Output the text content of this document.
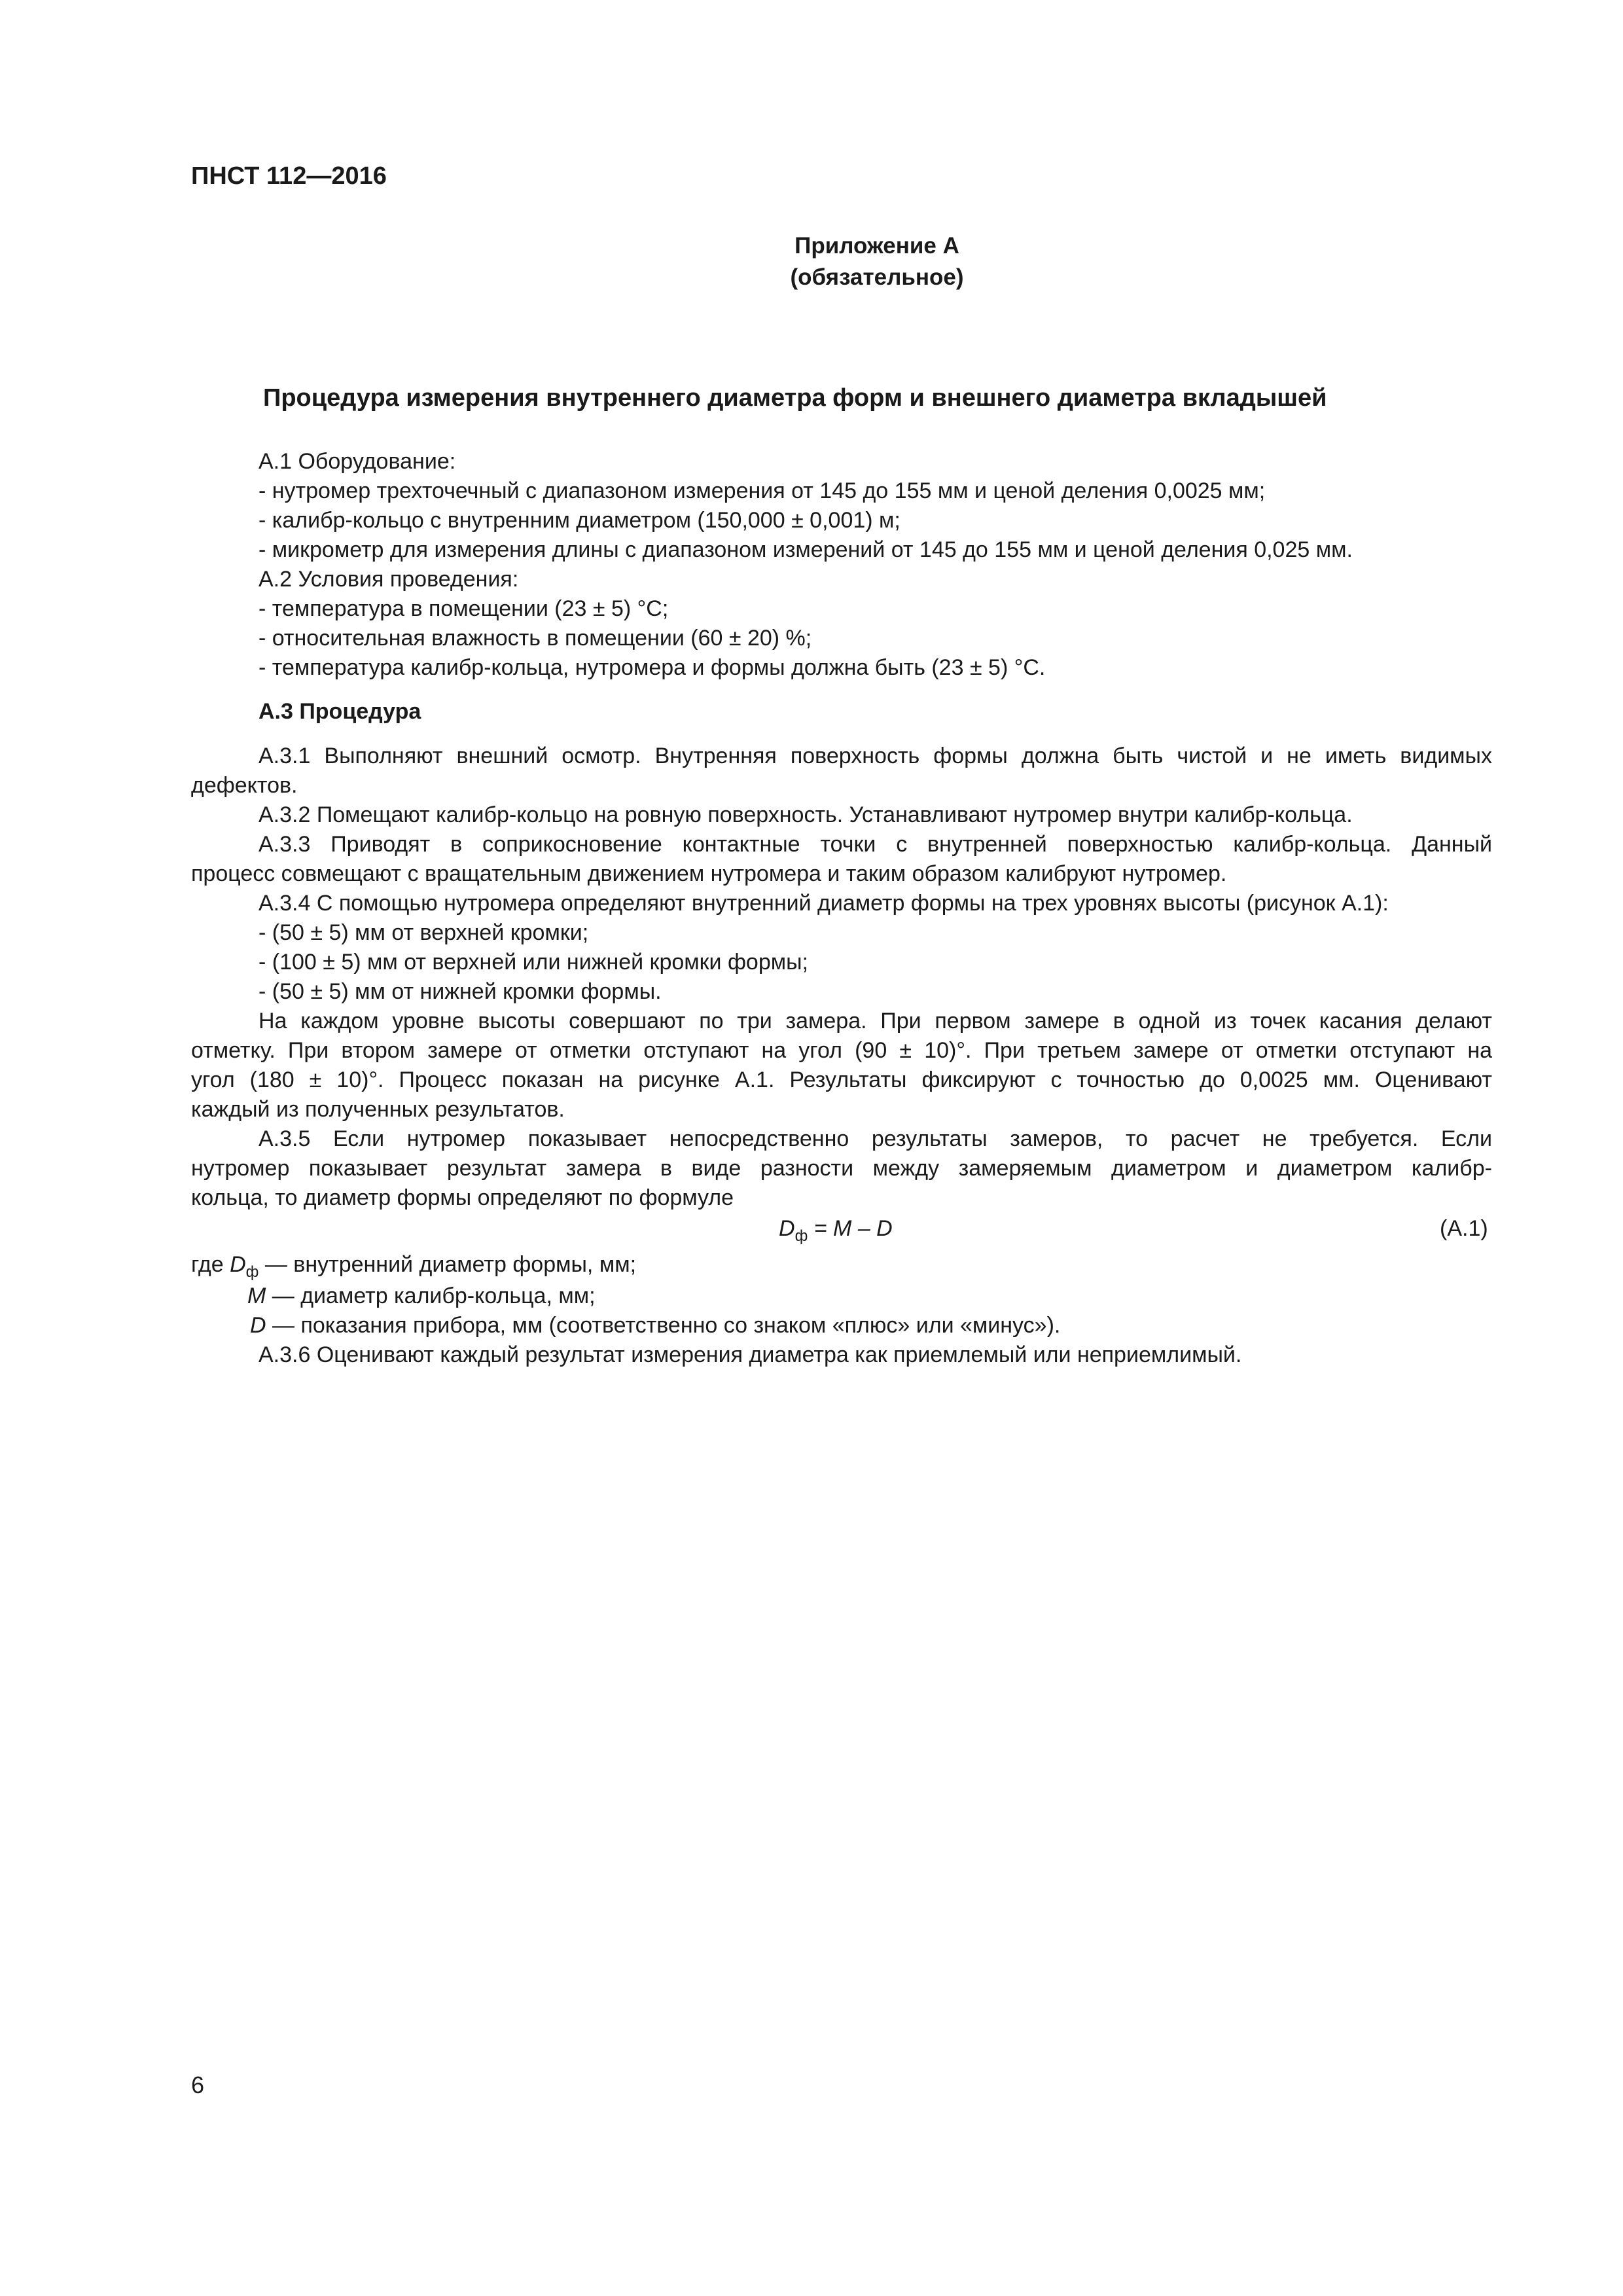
ПНСТ 112—2016
Приложение А
(обязательное)
Процедура измерения внутреннего диаметра форм и внешнего диаметра вкладышей
А.1 Оборудование:
- нутромер трехточечный с диапазоном измерения от 145 до 155 мм и ценой деления 0,0025 мм;
- калибр-кольцо с внутренним диаметром (150,000 ± 0,001) м;
- микрометр для измерения длины с диапазоном измерений от 145 до 155 мм и ценой деления 0,025 мм.
А.2 Условия проведения:
- температура в помещении (23 ± 5) °С;
- относительная влажность в помещении (60 ± 20) %;
- температура калибр-кольца, нутромера и формы должна быть (23 ± 5) °С.
А.3 Процедура
А.3.1 Выполняют внешний осмотр. Внутренняя поверхность формы должна быть чистой и не иметь видимых
дефектов.
А.3.2 Помещают калибр-кольцо на ровную поверхность. Устанавливают нутромер внутри калибр-кольца.
А.3.3 Приводят в соприкосновение контактные точки с внутренней поверхностью калибр-кольца. Данный
процесс совмещают с вращательным движением нутромера и таким образом калибруют нутромер.
А.3.4 С помощью нутромера определяют внутренний диаметр формы на трех уровнях высоты (рисунок А.1):
- (50 ± 5) мм от верхней кромки;
- (100 ± 5) мм от верхней или нижней кромки формы;
- (50 ± 5) мм от нижней кромки формы.
На каждом уровне высоты совершают по три замера. При первом замере в одной из точек касания делают
отметку. При втором замере от отметки отступают на угол (90 ± 10)°. При третьем замере от отметки отступают на
угол (180 ± 10)°. Процесс показан на рисунке А.1. Результаты фиксируют с точностью до 0,0025 мм. Оценивают
каждый из полученных результатов.
А.3.5 Если нутромер показывает непосредственно результаты замеров, то расчет не требуется. Если
нутромер показывает результат замера в виде разности между замеряемым диаметром и диаметром калибр-
кольца, то диаметр формы определяют по формуле
$D_ф = M - D$	(А.1)
где $D_ф$ — внутренний диаметр формы, мм;
M — диаметр калибр-кольца, мм;
D — показания прибора, мм (соответственно со знаком «плюс» или «минус»).
А.3.6 Оценивают каждый результат измерения диаметра как приемлемый или неприемлимый.
6
